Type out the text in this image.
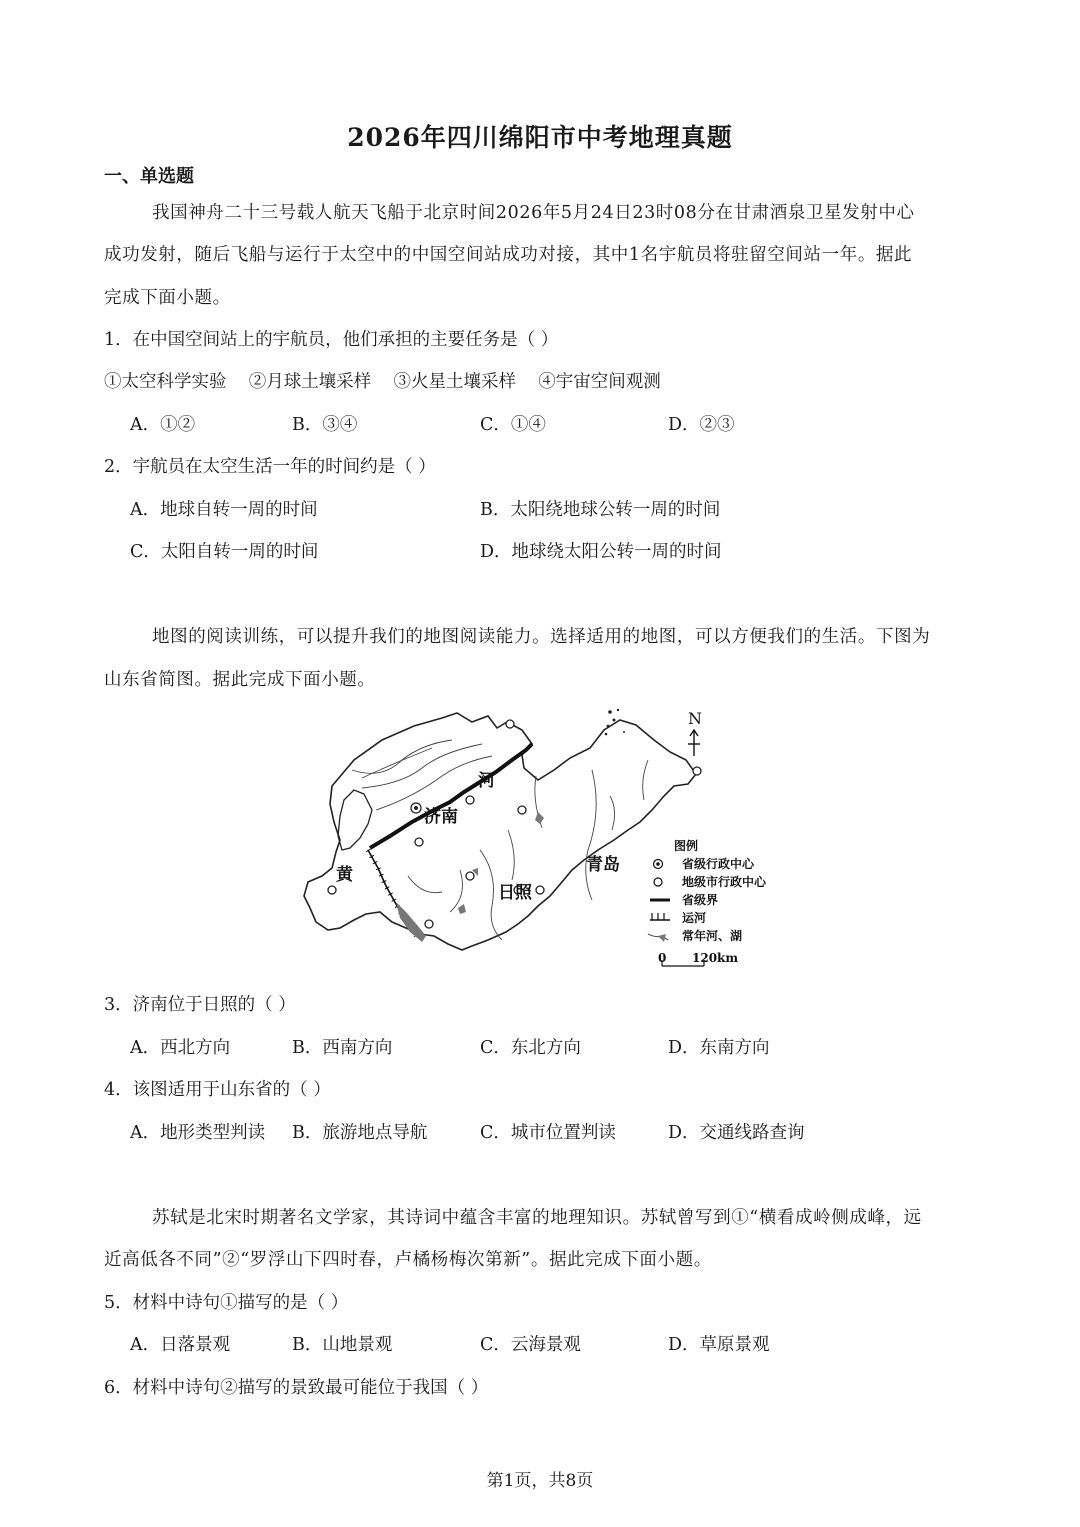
2026年四川绵阳市中考地理真题
一、单选题
我国神舟二十三号载人航天飞船于北京时间2026年5月24日23时08分在甘肃酒泉卫星发射中心
成功发射，随后飞船与运行于太空中的中国空间站成功对接，其中1名宇航员将驻留空间站一年。据此
完成下面小题。
1．在中国空间站上的宇航员，他们承担的主要任务是（ ）
①太空科学实验    ②月球土壤采样    ③火星土壤采样    ④宇宙空间观测
A．①②	B．③④	C．①④	D．②③
2．宇航员在太空生活一年的时间约是（ ）
A．地球自转一周的时间	B．太阳绕地球公转一周的时间
C．太阳自转一周的时间	D．地球绕太阳公转一周的时间
地图的阅读训练，可以提升我们的地图阅读能力。选择适用的地图，可以方便我们的生活。下图为
山东省简图。据此完成下面小题。
河
济南
黄	青岛
日照
N
图例
省级行政中心
地级市行政中心
省级界
运河
常年河、湖
0 120km
3．济南位于日照的（ ）
A．西北方向	B．西南方向	C．东北方向	D．东南方向
4．该图适用于山东省的（ ）
A．地形类型判读 B．旅游地点导航	C．城市位置判读	D．交通线路查询
苏轼是北宋时期著名文学家，其诗词中蕴含丰富的地理知识。苏轼曾写到①“横看成岭侧成峰，远
近高低各不同”②“罗浮山下四时春，卢橘杨梅次第新”。据此完成下面小题。
5．材料中诗句①描写的是（ ）
A．日落景观	B．山地景观	C．云海景观	D．草原景观
6．材料中诗句②描写的景致最可能位于我国（ ）
第1页，共8页
